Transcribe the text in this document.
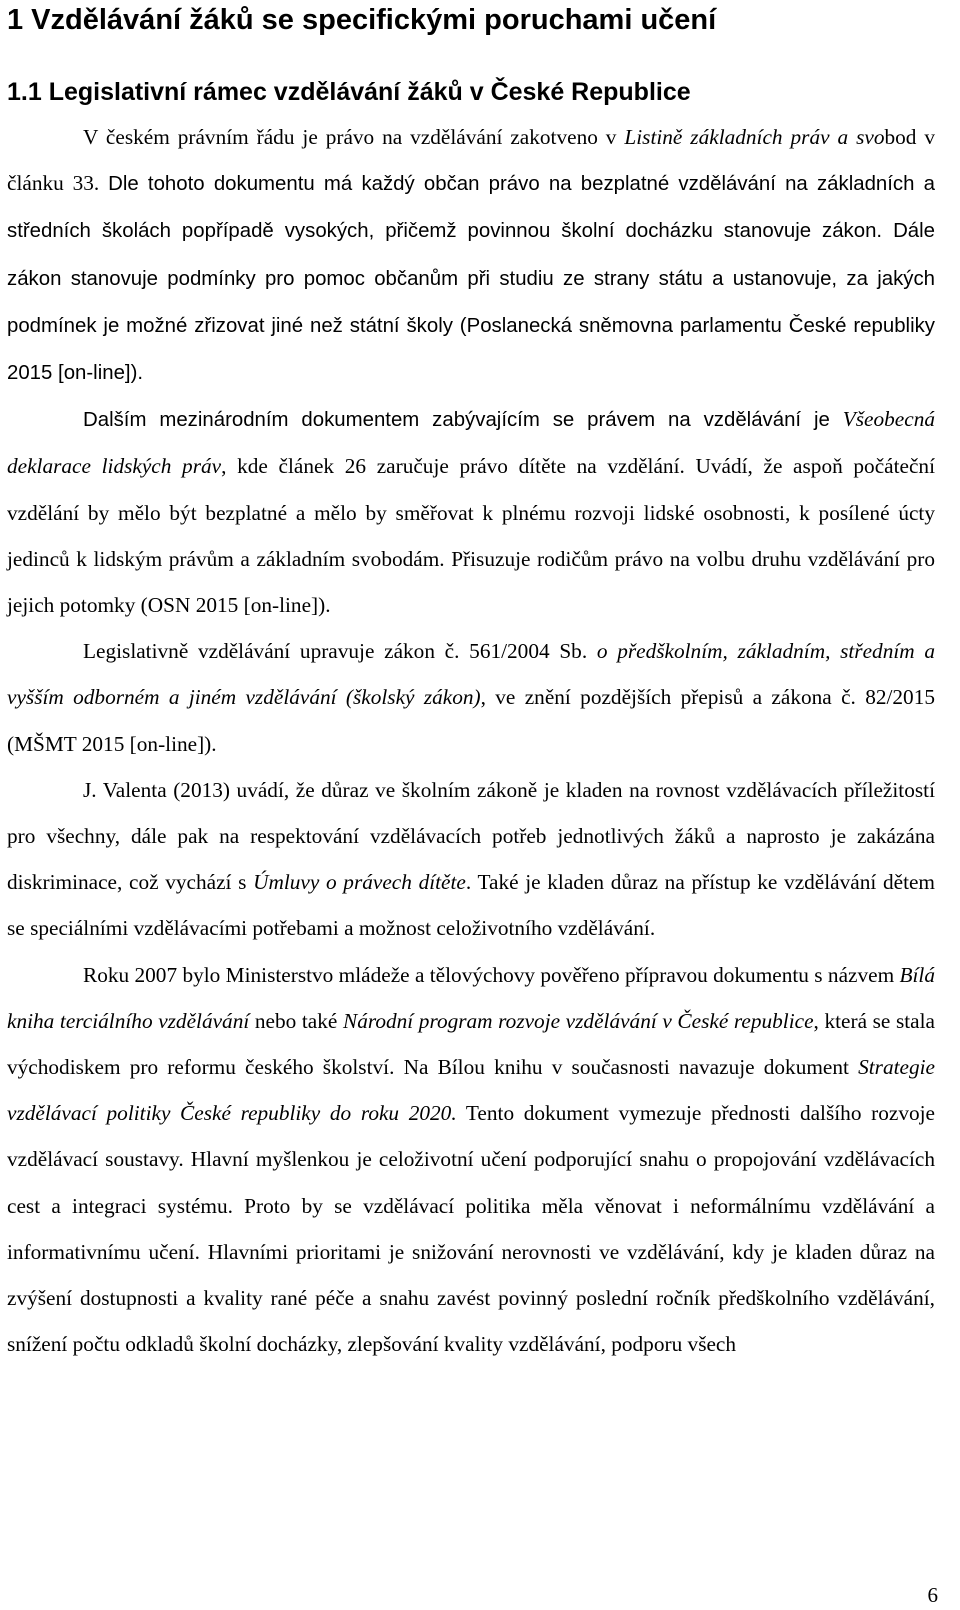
1 Vzdělávání žáků se specifickými poruchami učení
1.1 Legislativní rámec vzdělávání žáků v České Republice

V českém právním řádu je právo na vzdělávání zakotveno v Listině základních práv a svobod v článku 33. Dle tohoto dokumentu má každý občan právo na bezplatné vzdělávání na základních a středních školách popřípadě vysokých, přičemž povinnou školní docházku stanovuje zákon. Dále zákon stanovuje podmínky pro pomoc občanům při studiu ze strany státu a ustanovuje, za jakých podmínek je možné zřizovat jiné než státní školy (Poslanecká sněmovna parlamentu České republiky 2015 [on-line]).

Dalším mezinárodním dokumentem zabývajícím se právem na vzdělávání je Všeobecná deklarace lidských práv, kde článek 26 zaručuje právo dítěte na vzdělání. Uvádí, že aspoň počáteční vzdělání by mělo být bezplatné a mělo by směřovat k plnému rozvoji lidské osobnosti, k posílené úcty jedinců k lidským právům a základním svobodám. Přisuzuje rodičům právo na volbu druhu vzdělávání pro jejich potomky (OSN 2015 [on-line]).

Legislativně vzdělávání upravuje zákon č. 561/2004 Sb. o předškolním, základním, středním a vyšším odborném a jiném vzdělávání (školský zákon), ve znění pozdějších přepisů a zákona č. 82/2015 (MŠMT 2015 [on-line]).

J. Valenta (2013) uvádí, že důraz ve školním zákoně je kladen na rovnost vzdělávacích příležitostí pro všechny, dále pak na respektování vzdělávacích potřeb jednotlivých žáků a naprosto je zakázána diskriminace, což vychází s Úmluvy o právech dítěte. Také je kladen důraz na přístup ke vzdělávání dětem se speciálními vzdělávacími potřebami a možnost celoživotního vzdělávání.

Roku 2007 bylo Ministerstvo mládeže a tělovýchovy pověřeno přípravou dokumentu s názvem Bílá kniha terciálního vzdělávání nebo také Národní program rozvoje vzdělávání v České republice, která se stala východiskem pro reformu českého školství. Na Bílou knihu v současnosti navazuje dokument Strategie vzdělávací politiky České republiky do roku 2020. Tento dokument vymezuje přednosti dalšího rozvoje vzdělávací soustavy. Hlavní myšlenkou je celoživotní učení podporující snahu o propojování vzdělávacích cest a integraci systému. Proto by se vzdělávací politika měla věnovat i neformálnímu vzdělávání a informativnímu učení. Hlavními prioritami je snižování nerovnosti ve vzdělávání, kdy je kladen důraz na zvýšení dostupnosti a kvality rané péče a snahu zavést povinný poslední ročník předškolního vzdělávání, snížení počtu odkladů školní docházky, zlepšování kvality vzdělávání, podporu všech

6
